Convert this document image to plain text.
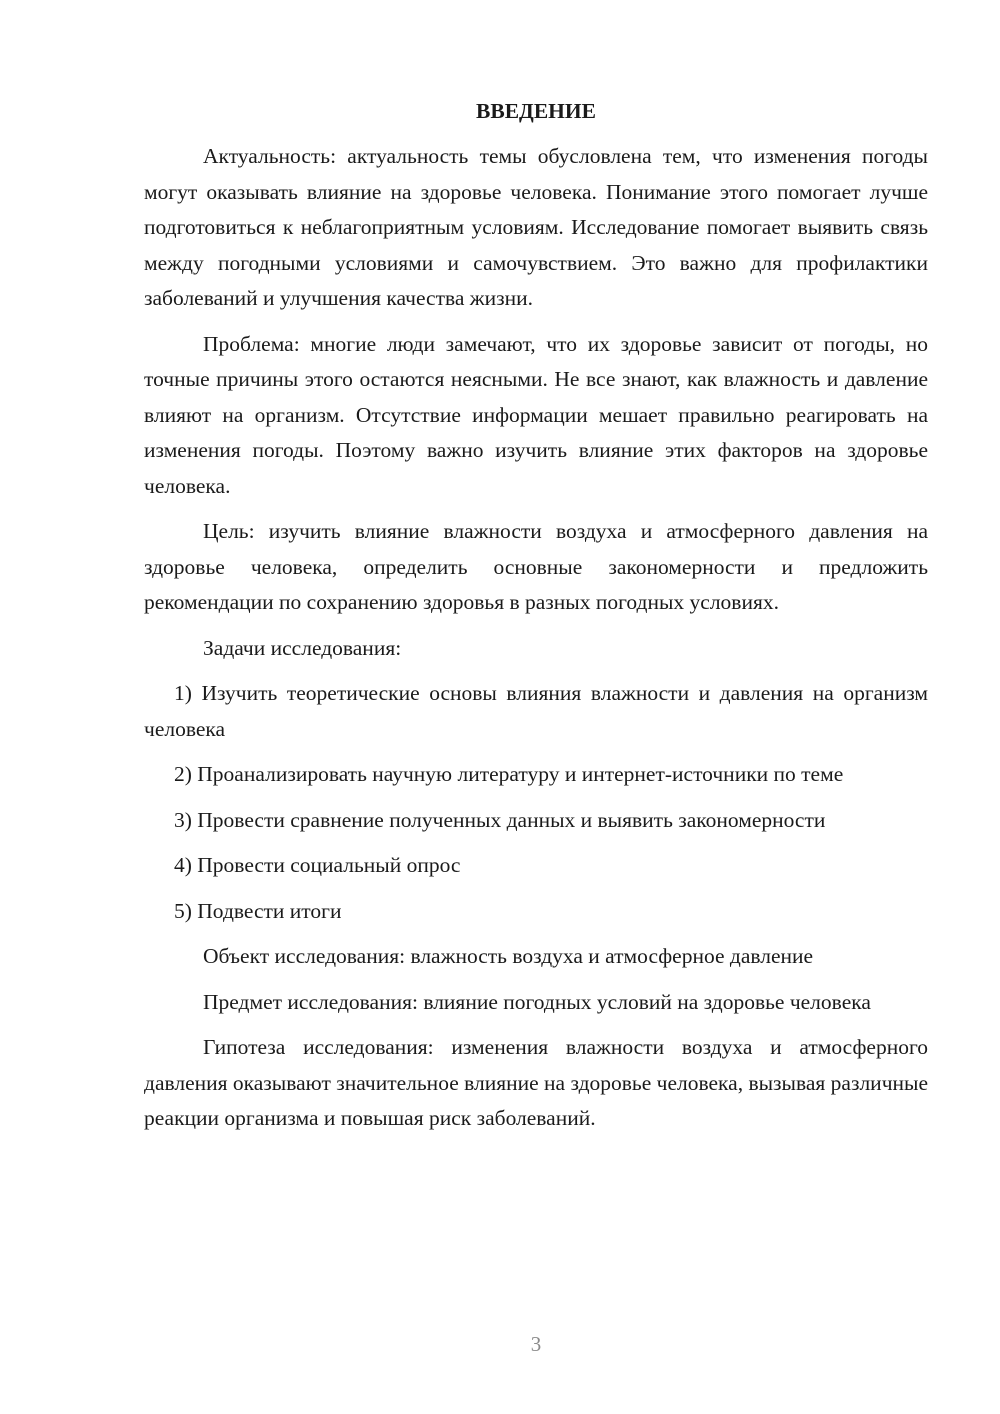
ВВЕДЕНИЕ

Актуальность: актуальность темы обусловлена тем, что изменения погоды могут оказывать влияние на здоровье человека. Понимание этого помогает лучше подготовиться к неблагоприятным условиям. Исследование помогает выявить связь между погодными условиями и самочувствием. Это важно для профилактики заболеваний и улучшения качества жизни.

Проблема: многие люди замечают, что их здоровье зависит от погоды, но точные причины этого остаются неясными. Не все знают, как влажность и давление влияют на организм. Отсутствие информации мешает правильно реагировать на изменения погоды. Поэтому важно изучить влияние этих факторов на здоровье человека.

Цель: изучить влияние влажности воздуха и атмосферного давления на здоровье человека, определить основные закономерности и предложить рекомендации по сохранению здоровья в разных погодных условиях.

Задачи исследования:

1) Изучить теоретические основы влияния влажности и давления на организм человека

2) Проанализировать научную литературу и интернет-источники по теме

3) Провести сравнение полученных данных и выявить закономерности

4) Провести социальный опрос

5) Подвести итоги

Объект исследования: влажность воздуха и атмосферное давление

Предмет исследования: влияние погодных условий на здоровье человека

Гипотеза исследования: изменения влажности воздуха и атмосферного давления оказывают значительное влияние на здоровье человека, вызывая различные реакции организма и повышая риск заболеваний.

3
